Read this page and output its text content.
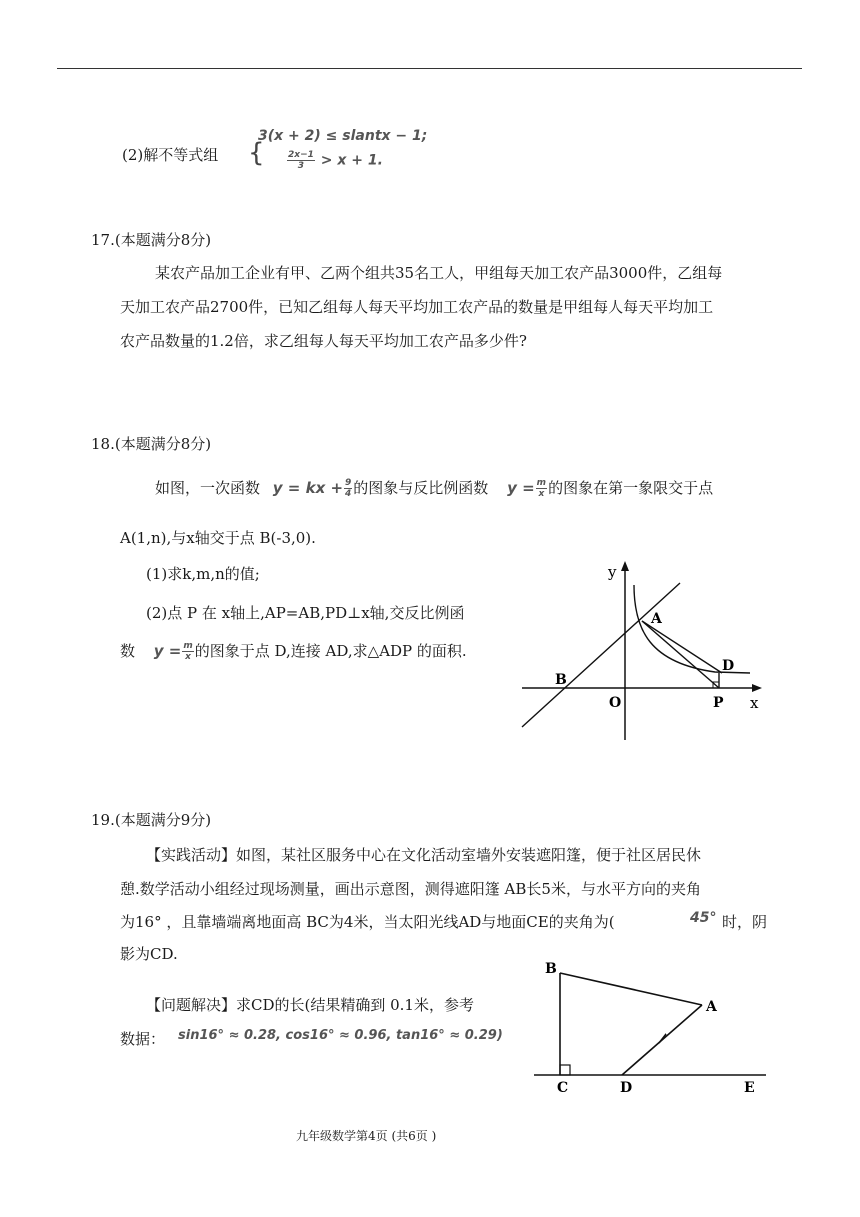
(2)解不等式组 {
3(x + 2) ≤ slantx − 1;
$\frac{2x-1}{3} > x + 1$.
17.(本题满分8分)
某农产品加工企业有甲、乙两个组共35名工人，甲组每天加工农产品3000件，乙组每
天加工农产品2700件，已知乙组每人每天平均加工农产品的数量是甲组每人每天平均加工
农产品数量的1.2倍，求乙组每人每天平均加工农产品多少件?
18.(本题满分8分)
如图，一次函数 y = kx + $\frac{9}{4}$ 的图象与反比例函数 $y = \frac{m}{x}$ 的图象在第一象限交于点
A(1,n),与x轴交于点 B(-3,0).
(1)求k,m,n的值;
(2)点 P 在 x轴上,AP=AB,PD⊥x轴,交反比例函
数 $y = \frac{m}{x}$ 的图象于点 D,连接 AD,求△ADP 的面积.
y
x
O
A
B
D
P
19.(本题满分9分)
【实践活动】如图，某社区服务中心在文化活动室墙外安装遮阳篷，便于社区居民休
憩.数学活动小组经过现场测量，画出示意图，测得遮阳篷 AB长5米，与水平方向的夹角
为16° ，且靠墙端离地面高 BC为4米，当太阳光线AD与地面CE的夹角为(	45° 时，阴
影为CD.
【问题解决】求CD的长(结果精确到 0.1米，参考
数据： sin16° ≈ 0.28, cos16° ≈ 0.96, tan16° ≈ 0.29)
B
A
C	D	E
九年级数学第4页 (共6页 )
